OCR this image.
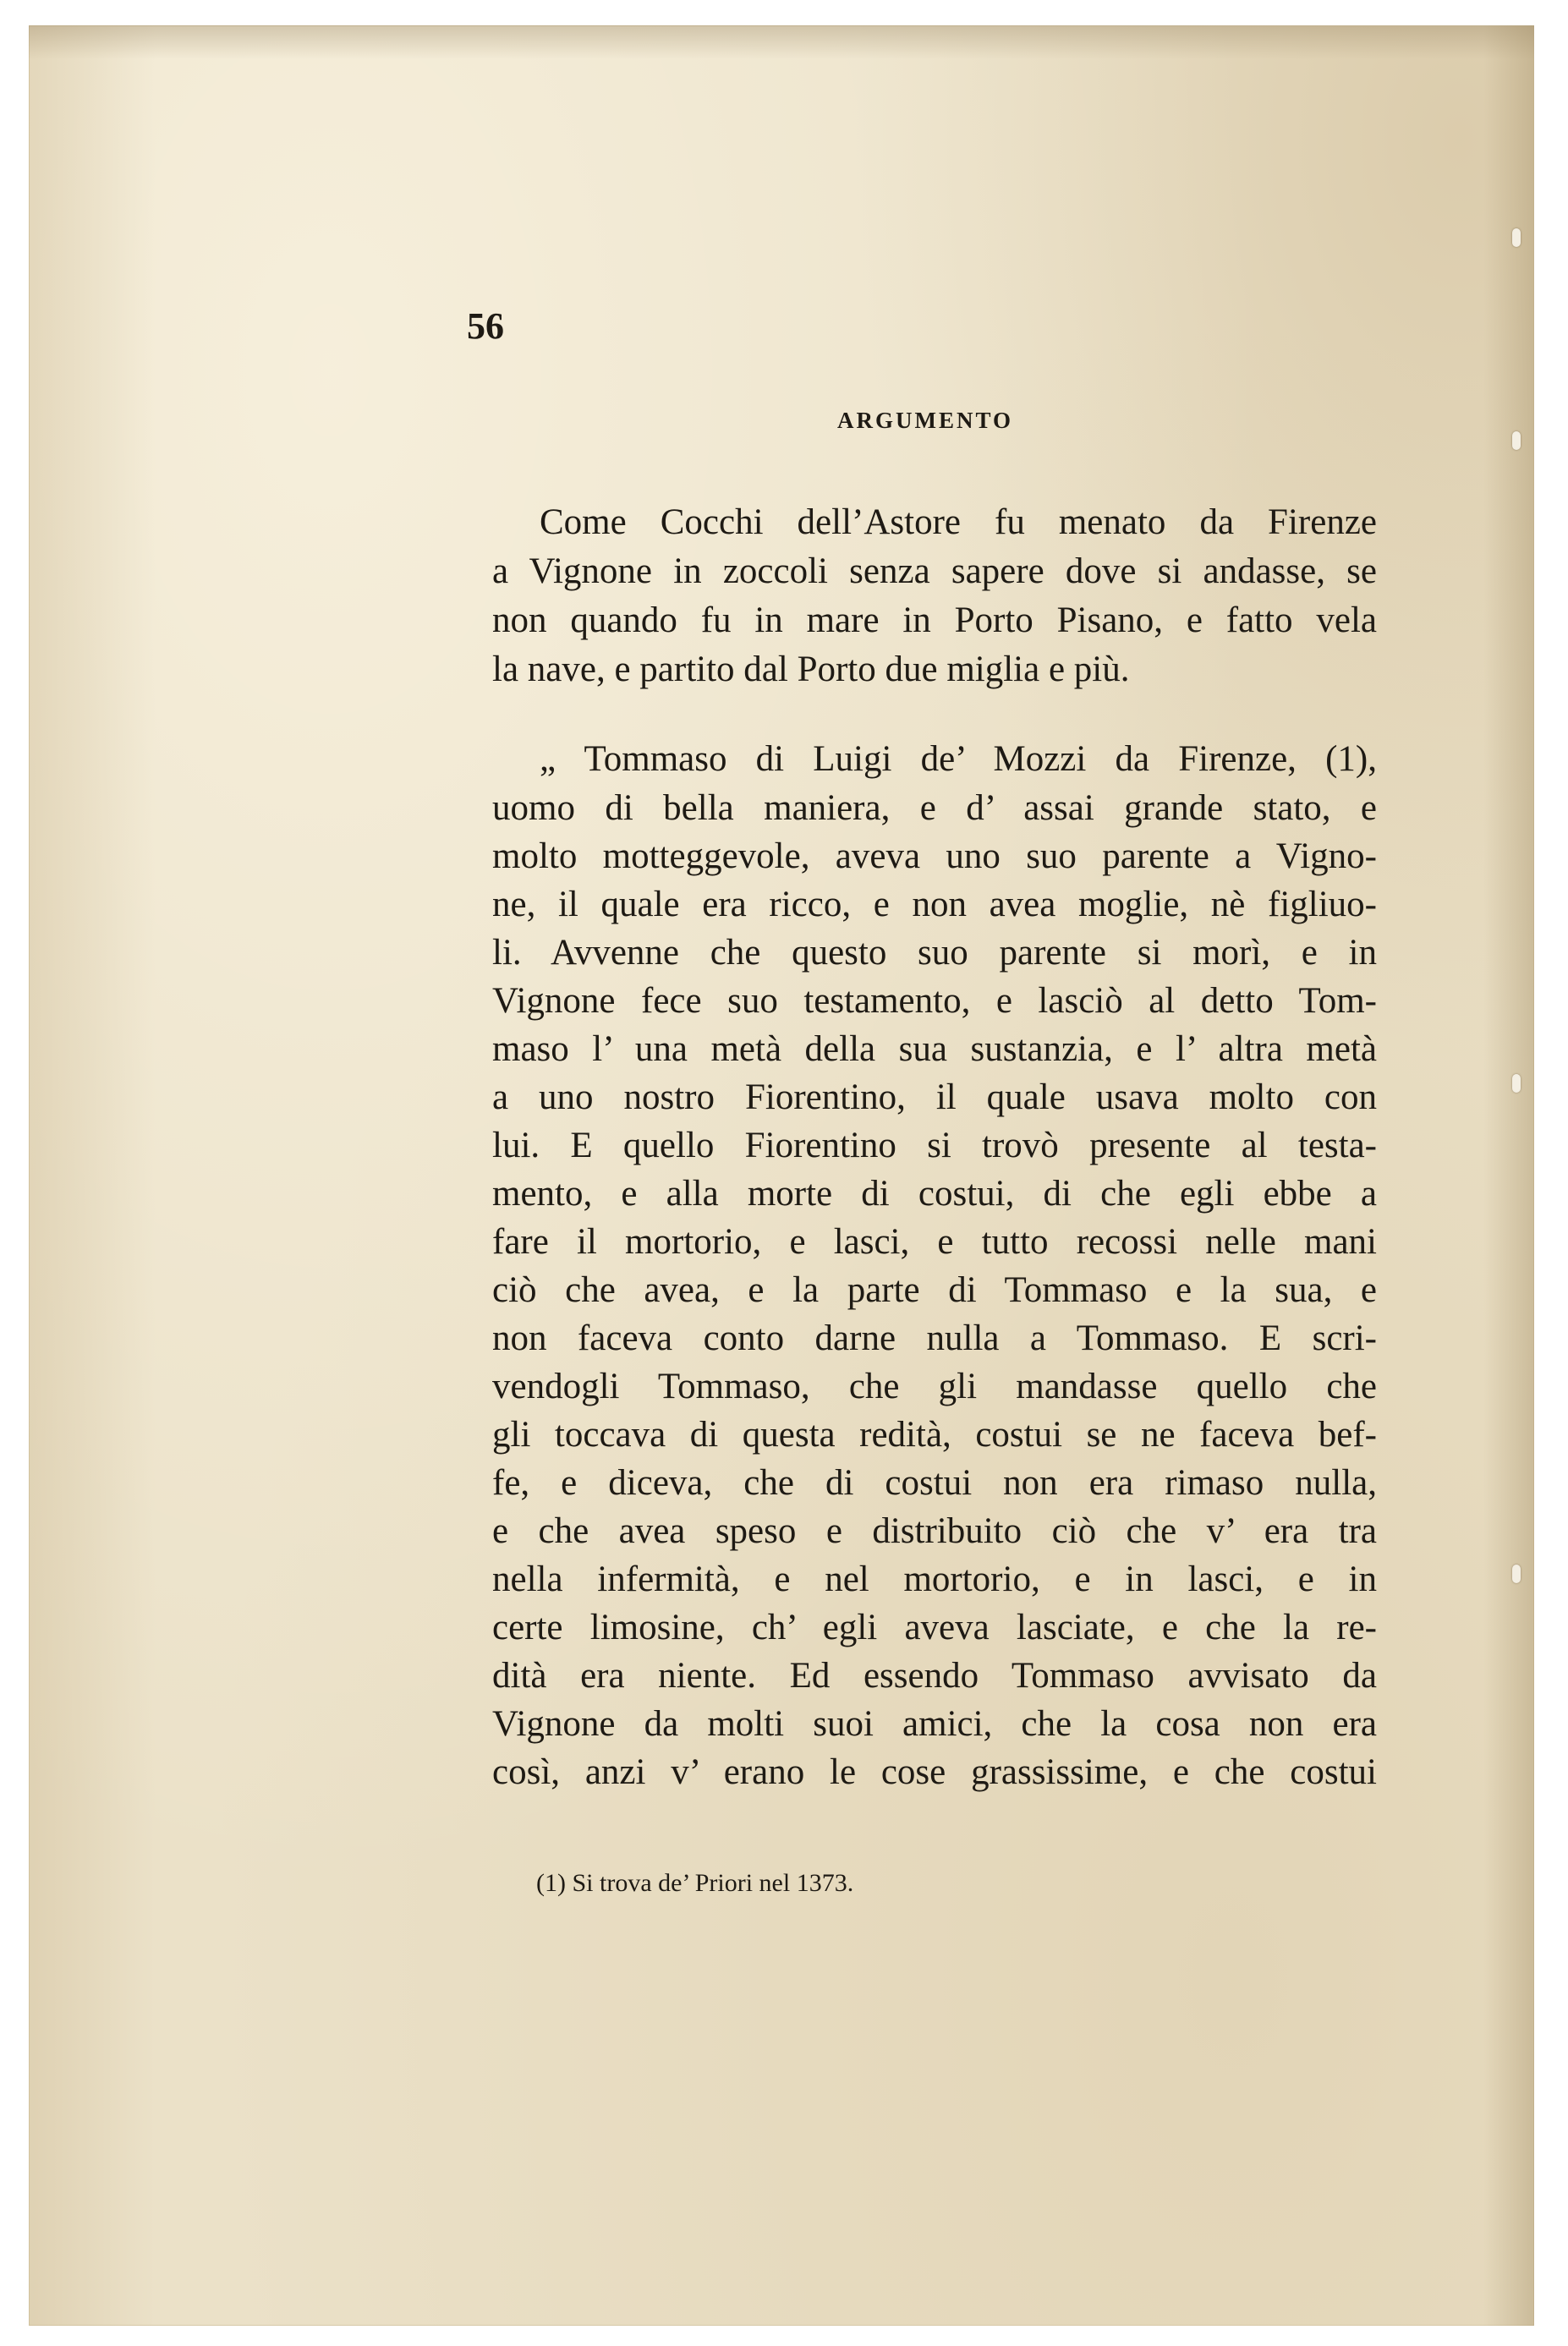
56
ARGUMENTO
Come Cocchi dell’Astore fu menato da Firenze
a Vignone in zoccoli senza sapere dove si andasse, se
non quando fu in mare in Porto Pisano, e fatto vela
la nave, e partito dal Porto due miglia e più.
„ Tommaso di Luigi de’ Mozzi da Firenze, (1),
uomo di bella maniera, e d’ assai grande stato, e
molto motteggevole, aveva uno suo parente a Vigno-
ne, il quale era ricco, e non avea moglie, nè figliuo-
li. Avvenne che questo suo parente si morì, e in
Vignone fece suo testamento, e lasciò al detto Tom-
maso l’ una metà della sua sustanzia, e l’ altra metà
a uno nostro Fiorentino, il quale usava molto con
lui. E quello Fiorentino si trovò presente al testa-
mento, e alla morte di costui, di che egli ebbe a
fare il mortorio, e lasci, e tutto recossi nelle mani
ciò che avea, e la parte di Tommaso e la sua, e
non faceva conto darne nulla a Tommaso. E scri-
vendogli Tommaso, che gli mandasse quello che
gli toccava di questa redità, costui se ne faceva bef-
fe, e diceva, che di costui non era rimaso nulla,
e che avea speso e distribuito ciò che v’ era tra
nella infermità, e nel mortorio, e in lasci, e in
certe limosine, ch’ egli aveva lasciate, e che la re-
dità era niente. Ed essendo Tommaso avvisato da
Vignone da molti suoi amici, che la cosa non era
così, anzi v’ erano le cose grassissime, e che costui
(1) Si trova de’ Priori nel 1373.
